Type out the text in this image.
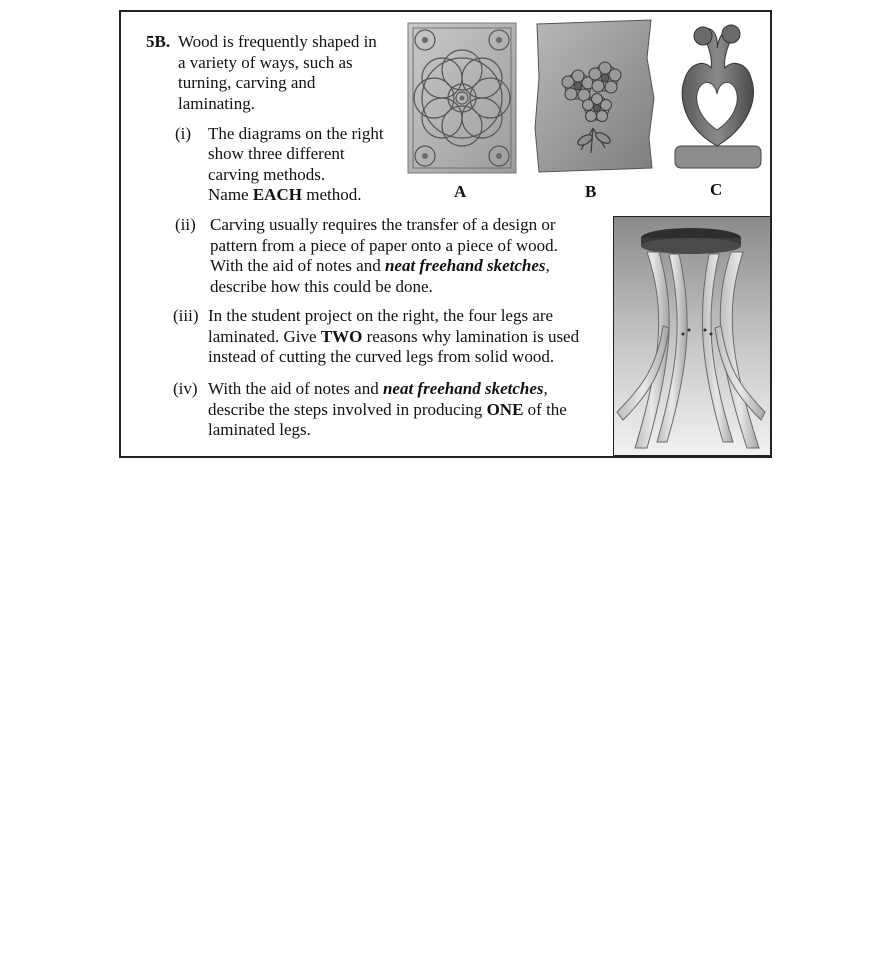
5B. Wood is frequently shaped in
a variety of ways, such as
turning, carving and
laminating.
(i) The diagrams on the right
show three different
carving methods.
Name EACH method.
(ii) Carving usually requires the transfer of a design or
pattern from a piece of paper onto a piece of wood.
With the aid of notes and neat freehand sketches,
describe how this could be done.
(iii) In the student project on the right, the four legs are
laminated. Give TWO reasons why lamination is used
instead of cutting the curved legs from solid wood.
(iv) With the aid of notes and neat freehand sketches,
describe the steps involved in producing ONE of the
laminated legs.
A	B	C
